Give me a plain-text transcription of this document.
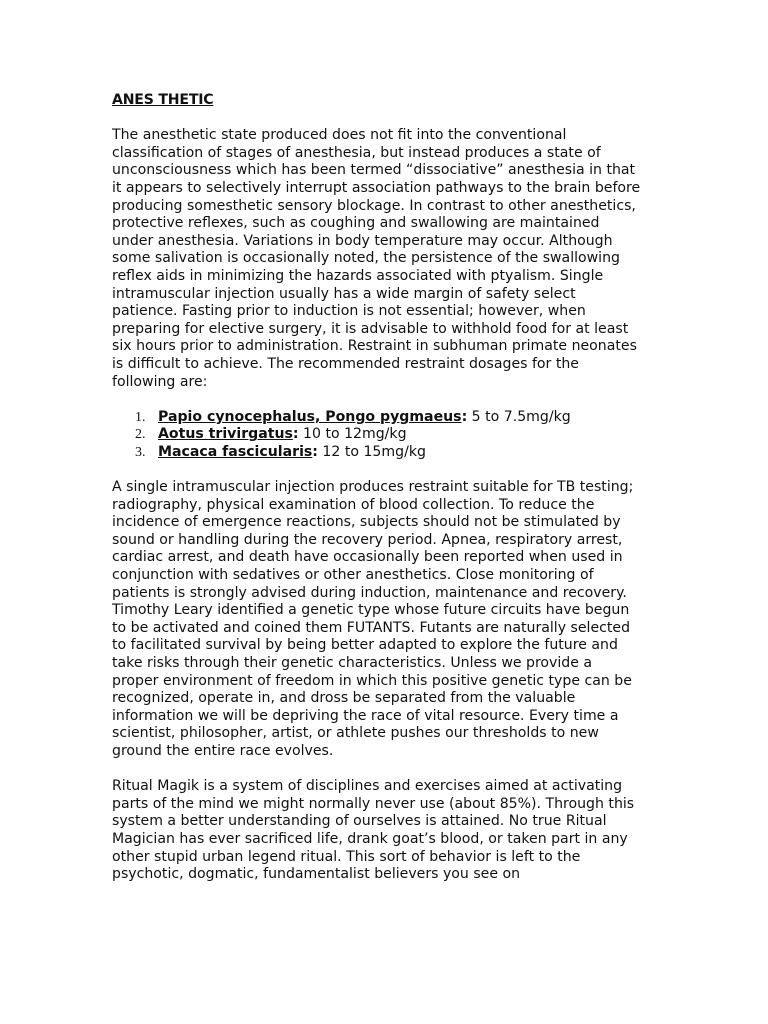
ANES THETIC

The anesthetic state produced does not fit into the conventional classification of stages of anesthesia, but instead produces a state of unconsciousness which has been termed “dissociative” anesthesia in that it appears to selectively interrupt association pathways to the brain before producing somesthetic sensory blockage. In contrast to other anesthetics, protective reflexes, such as coughing and swallowing are maintained under anesthesia. Variations in body temperature may occur. Although some salivation is occasionally noted, the persistence of the swallowing reflex aids in minimizing the hazards associated with ptyalism. Single intramuscular injection usually has a wide margin of safety select patience. Fasting prior to induction is not essential; however, when preparing for elective surgery, it is advisable to withhold food for at least six hours prior to administration. Restraint in subhuman primate neonates is difficult to achieve. The recommended restraint dosages for the following are:

1. Papio cynocephalus, Pongo pygmaeus: 5 to 7.5mg/kg
2. Aotus trivirgatus: 10 to 12mg/kg
3. Macaca fascicularis: 12 to 15mg/kg

A single intramuscular injection produces restraint suitable for TB testing; radiography, physical examination of blood collection. To reduce the incidence of emergence reactions, subjects should not be stimulated by sound or handling during the recovery period. Apnea, respiratory arrest, cardiac arrest, and death have occasionally been reported when used in conjunction with sedatives or other anesthetics. Close monitoring of patients is strongly advised during induction, maintenance and recovery. Timothy Leary identified a genetic type whose future circuits have begun to be activated and coined them FUTANTS. Futants are naturally selected to facilitated survival by being better adapted to explore the future and take risks through their genetic characteristics. Unless we provide a proper environment of freedom in which this positive genetic type can be recognized, operate in, and dross be separated from the valuable information we will be depriving the race of vital resource. Every time a scientist, philosopher, artist, or athlete pushes our thresholds to new ground the entire race evolves.

Ritual Magik is a system of disciplines and exercises aimed at activating parts of the mind we might normally never use (about 85%). Through this system a better understanding of ourselves is attained. No true Ritual Magician has ever sacrificed life, drank goat’s blood, or taken part in any other stupid urban legend ritual. This sort of behavior is left to the psychotic, dogmatic, fundamentalist believers you see on
